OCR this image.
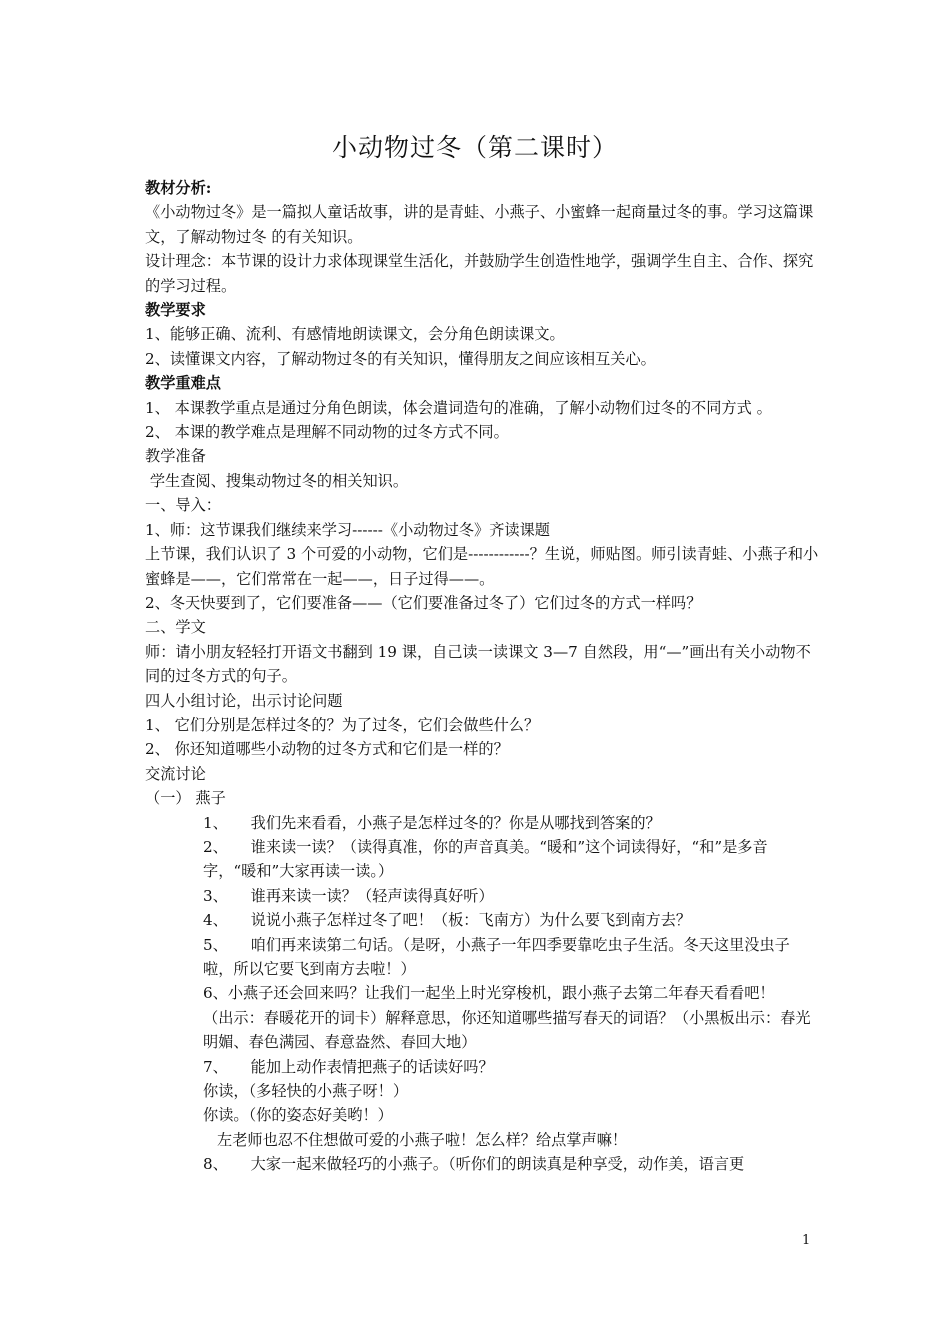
小动物过冬（第二课时）

教材分析:

《小动物过冬》是一篇拟人童话故事，讲的是青蛙、小燕子、小蜜蜂一起商量过冬的事。学习这篇课文，了解动物过冬 的有关知识。

设计理念：本节课的设计力求体现课堂生活化，并鼓励学生创造性地学，强调学生自主、合作、探究的学习过程。

教学要求

1、能够正确、流利、有感情地朗读课文，会分角色朗读课文。

2、读懂课文内容，了解动物过冬的有关知识，懂得朋友之间应该相互关心。

教学重难点

1、 本课教学重点是通过分角色朗读，体会遣词造句的准确，了解小动物们过冬的不同方式 。

2、 本课的教学难点是理解不同动物的过冬方式不同。

教学准备

学生查阅、搜集动物过冬的相关知识。

一、导入：

1、师：这节课我们继续来学习------《小动物过冬》齐读课题

上节课，我们认识了 3 个可爱的小动物，它们是------------？生说，师贴图。师引读青蛙、小燕子和小蜜蜂是——，它们常常在一起——，日子过得——。

2、冬天快要到了，它们要准备——（它们要准备过冬了）它们过冬的方式一样吗？

二、学文

师：请小朋友轻轻打开语文书翻到 19 课，自己读一读课文 3—7 自然段，用“—”画出有关小动物不同的过冬方式的句子。

四人小组讨论，出示讨论问题

1、 它们分别是怎样过冬的？为了过冬，它们会做些什么？

2、 你还知道哪些小动物的过冬方式和它们是一样的？

交流讨论

（一） 燕子

1、　　我们先来看看，小燕子是怎样过冬的？你是从哪找到答案的？

2、　　谁来读一读？（读得真准，你的声音真美。“暖和”这个词读得好，“和”是多音字，“暖和”大家再读一读。）

3、　　谁再来读一读？（轻声读得真好听）

4、　　说说小燕子怎样过冬了吧！（板：飞南方）为什么要飞到南方去？

5、　　咱们再来读第二句话。（是呀，小燕子一年四季要靠吃虫子生活。冬天这里没虫子啦，所以它要飞到南方去啦！）

6、小燕子还会回来吗？让我们一起坐上时光穿梭机，跟小燕子去第二年春天看看吧！

（出示：春暖花开的词卡）解释意思，你还知道哪些描写春天的词语？（小黑板出示：春光明媚、春色满园、春意盎然、春回大地）

7、　　能加上动作表情把燕子的话读好吗？

你读，（多轻快的小燕子呀！）

你读。（你的姿态好美哟！）

左老师也忍不住想做可爱的小燕子啦！怎么样？给点掌声嘛！

8、　　大家一起来做轻巧的小燕子。（听你们的朗读真是种享受，动作美，语言更

1
